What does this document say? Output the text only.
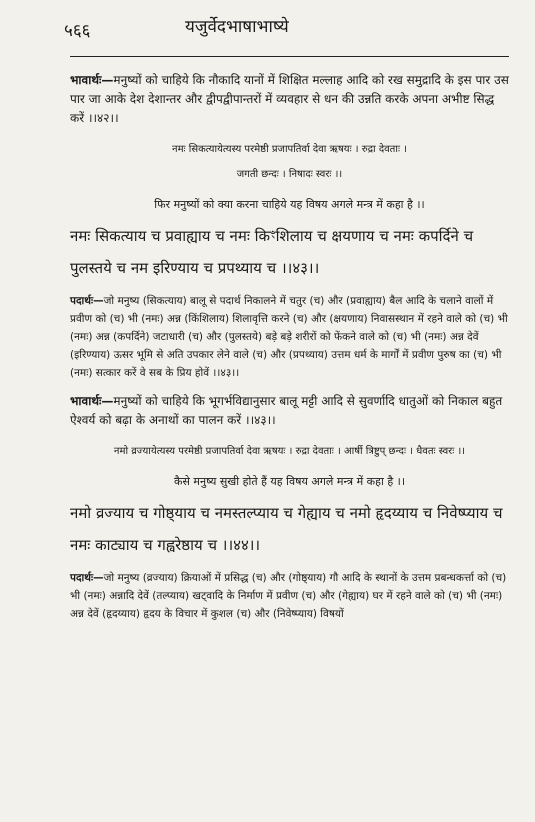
५६६	यजुर्वेदभाषाभाष्ये

भावार्थः—मनुष्यों को चाहिये कि नौकादि यानों में शिक्षित मल्लाह आदि को रख समुद्रादि के इस पार उस पार जा आके देश देशान्तर और द्वीपद्वीपान्तरों में व्यवहार से धन की उन्नति करके अपना अभीष्ट सिद्ध करें ।।४२।।

नमः सिकत्यायेत्यस्य परमेष्ठी प्रजापतिर्वा देवा ऋषयः । रुद्रा देवताः ।

जगती छन्दः । निषादः स्वरः ।।

फिर मनुष्यों को क्या करना चाहिये यह विषय अगले मन्त्र में कहा है ।।

नमः सिकत्याय च प्रवाह्याय च नमः किꣳशिलाय च क्षयणाय च नमः कपर्दिने च पुलस्तये च नम इरिण्याय च प्रपथ्याय च ।।४३।।

पदार्थः—जो मनुष्य (सिकत्याय) बालू से पदार्थ निकालने में चतुर (च) और (प्रवाह्याय) बैल आदि के चलाने वालों में प्रवीण को (च) भी (नमः) अन्न (किंशिलाय) शिलावृत्ति करने (च) और (क्षयणाय) निवासस्थान में रहने वाले को (च) भी (नमः) अन्न (कपर्दिने) जटाधारी (च) और (पुलस्तये) बड़े बड़े शरीरों को फेंकने वाले को (च) भी (नमः) अन्न देवें (इरिण्याय) ऊसर भूमि से अति उपकार लेने वाले (च) और (प्रपथ्याय) उत्तम धर्म के मार्गों में प्रवीण पुरुष का (च) भी (नमः) सत्कार करें वे सब के प्रिय होवें ।।४३।।

भावार्थः—मनुष्यों को चाहिये कि भूगर्भविद्यानुसार बालू मट्टी आदि से सुवर्णादि धातुओं को निकाल बहुत ऐश्वर्य को बढ़ा के अनाथों का पालन करें ।।४३।।

नमो व्रज्यायेत्यस्य परमेष्ठी प्रजापतिर्वा देवा ऋषयः । रुद्रा देवताः । आर्षी त्रिष्टुप् छन्दः । धैवतः स्वरः ।।

कैसे मनुष्य सुखी होते हैं यह विषय अगले मन्त्र में कहा है ।।

नमो व्रज्याय च गोष्ठ्याय च नमस्तल्प्याय च गेह्याय च नमो हृदय्याय च निवेष्प्याय च नमः काट्याय च गह्वरेष्ठाय च ।।४४।।

पदार्थः—जो मनुष्य (व्रज्याय) क्रियाओं में प्रसिद्ध (च) और (गोष्ठ्याय) गौ आदि के स्थानों के उत्तम प्रबन्धकर्त्ता को (च) भी (नमः) अन्नादि देवें (तल्प्याय) खट्वादि के निर्माण में प्रवीण (च) और (गेह्याय) घर में रहने वाले को (च) भी (नमः) अन्न देवें (हृदय्याय) हृदय के विचार में कुशल (च) और (निवेष्प्याय) विषयों
